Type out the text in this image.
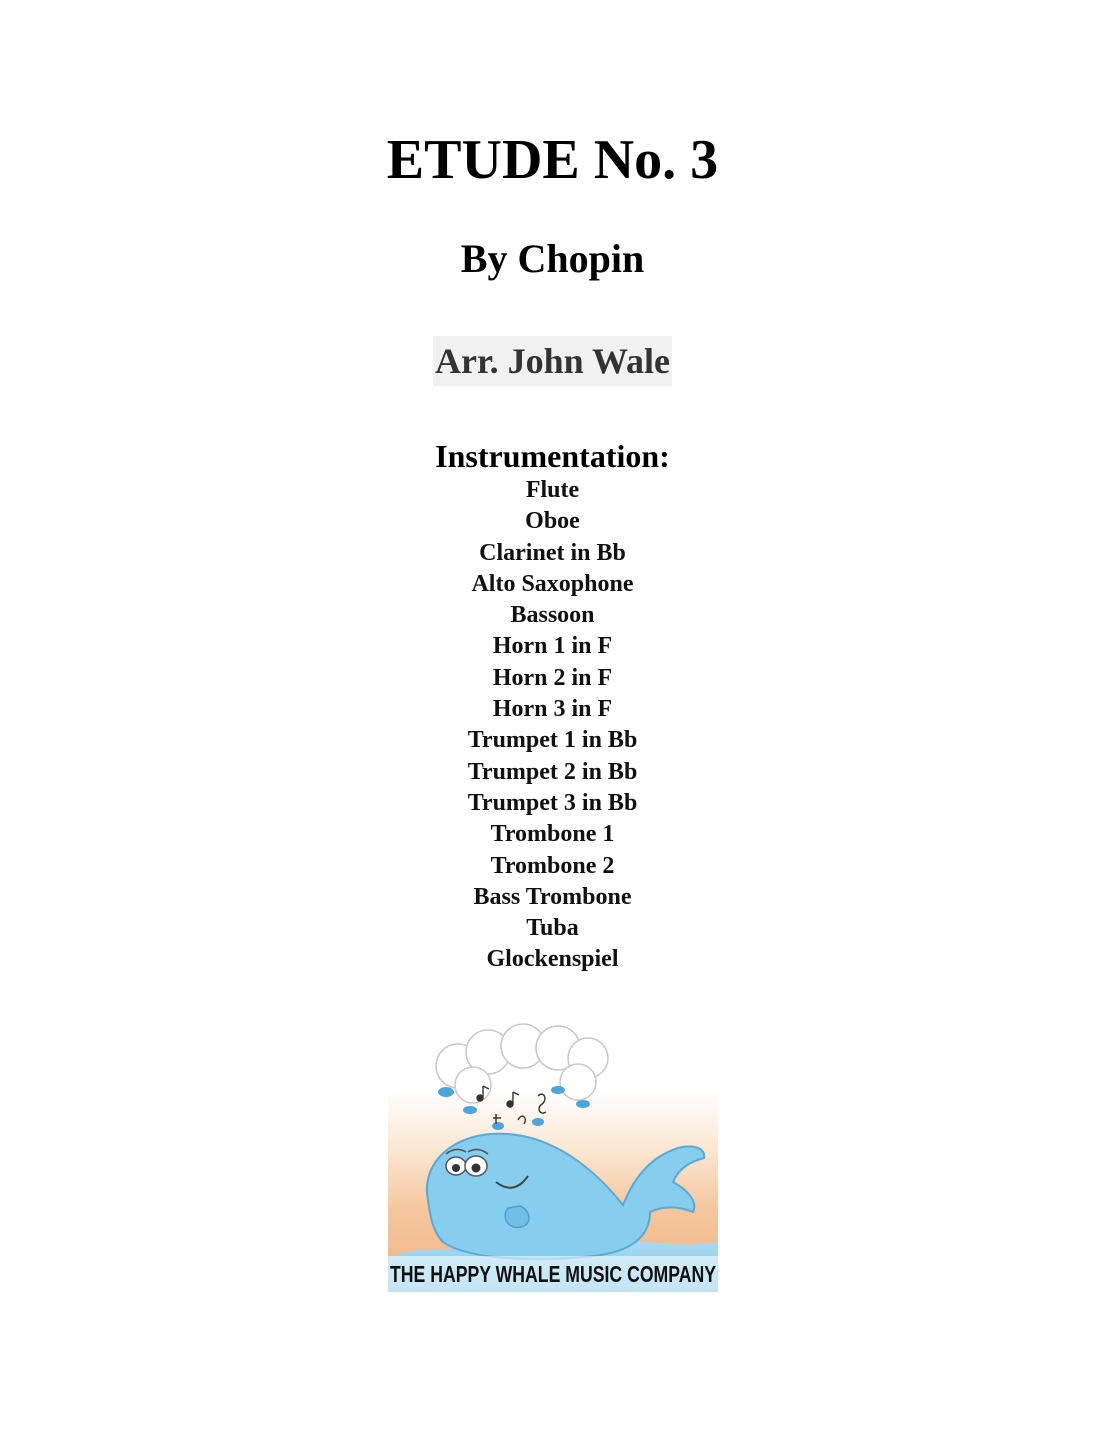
ETUDE No. 3
By Chopin
Arr. John Wale
Instrumentation:
Flute
Oboe
Clarinet in Bb
Alto Saxophone
Bassoon
Horn 1 in F
Horn 2 in F
Horn 3 in F
Trumpet 1 in Bb
Trumpet 2 in Bb
Trumpet 3 in Bb
Trombone 1
Trombone 2
Bass Trombone
Tuba
Glockenspiel
THE HAPPY WHALE MUSIC COMPANY
